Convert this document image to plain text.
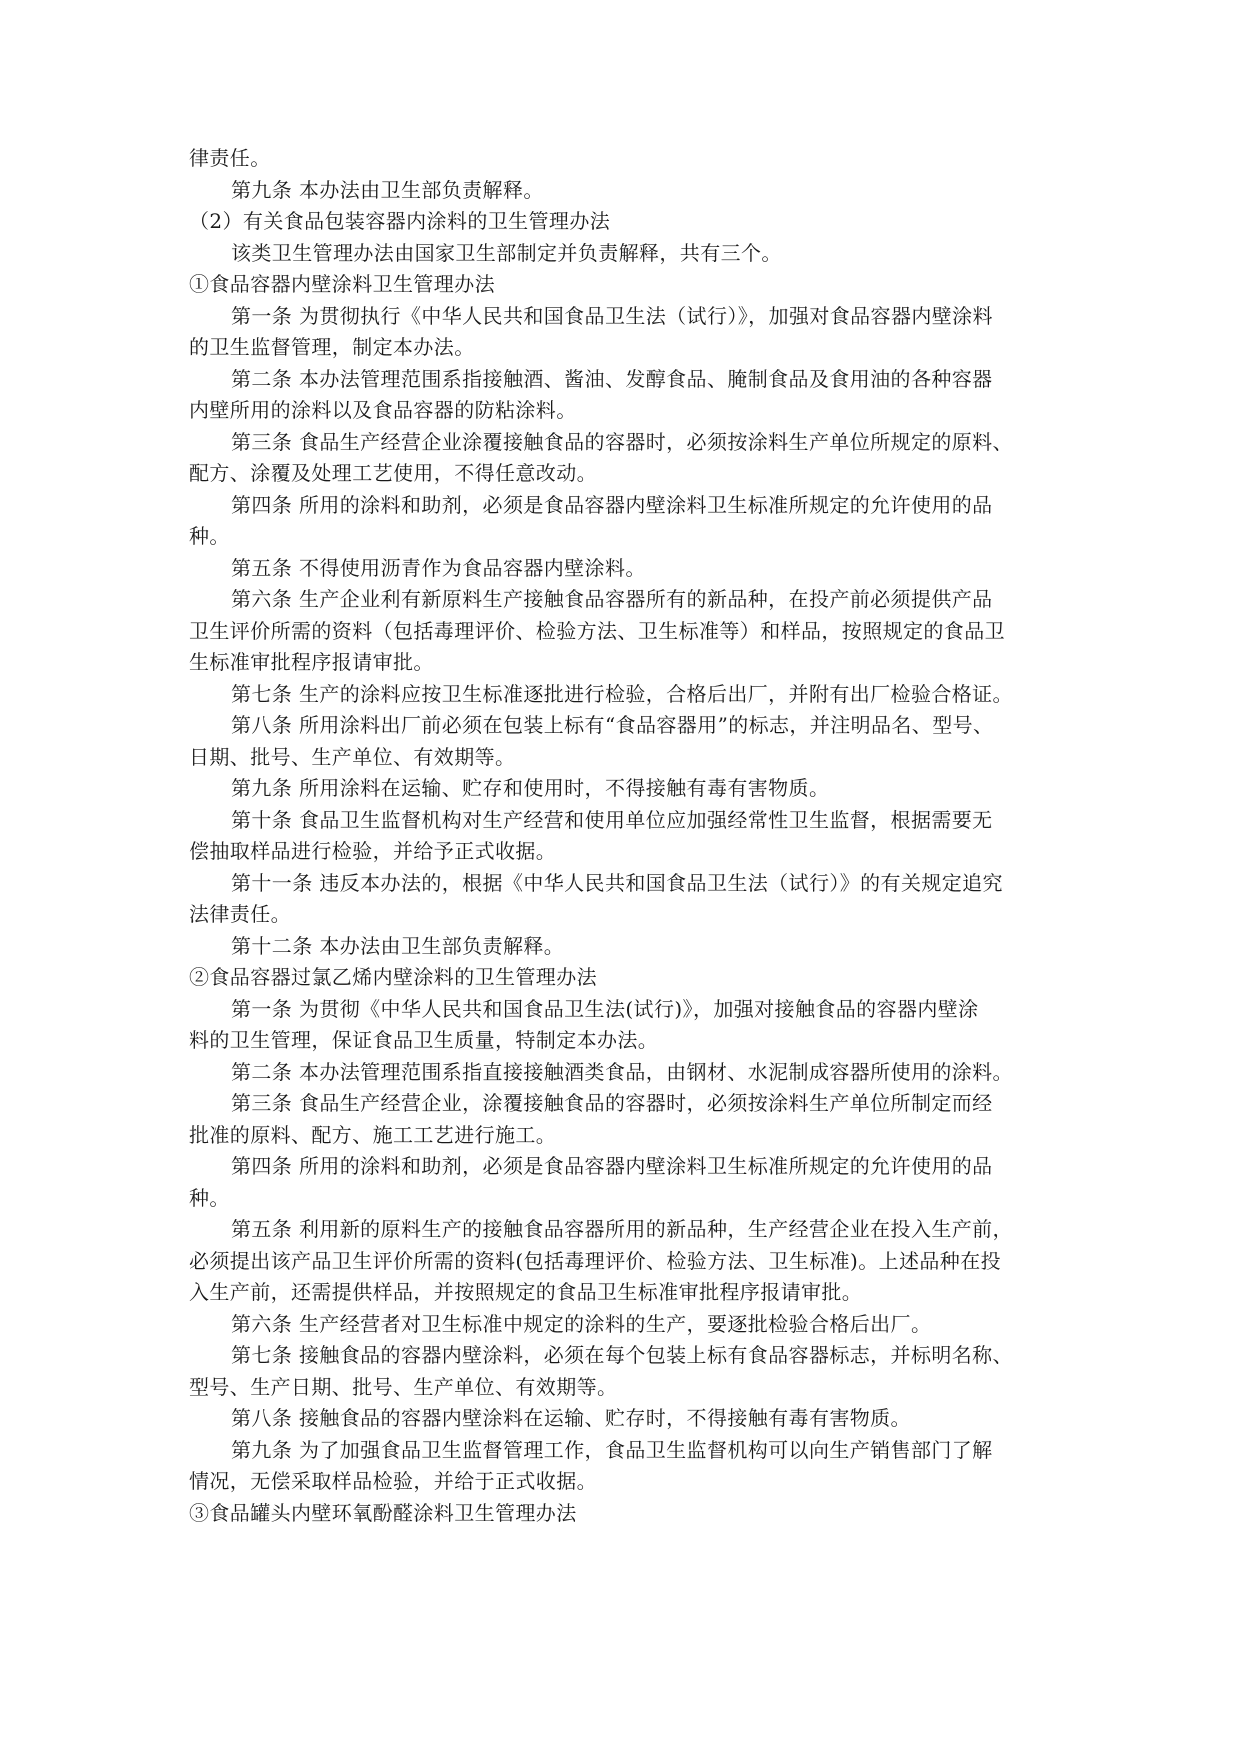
律责任。
第九条 本办法由卫生部负责解释。
（2）有关食品包装容器内涂料的卫生管理办法
该类卫生管理办法由国家卫生部制定并负责解释，共有三个。
①食品容器内壁涂料卫生管理办法
第一条 为贯彻执行《中华人民共和国食品卫生法（试行）》，加强对食品容器内壁涂料
的卫生监督管理，制定本办法。
第二条 本办法管理范围系指接触酒、酱油、发醇食品、腌制食品及食用油的各种容器
内壁所用的涂料以及食品容器的防粘涂料。
第三条 食品生产经营企业涂覆接触食品的容器时，必须按涂料生产单位所规定的原料、
配方、涂覆及处理工艺使用，不得任意改动。
第四条 所用的涂料和助剂，必须是食品容器内壁涂料卫生标准所规定的允许使用的品
种。
第五条 不得使用沥青作为食品容器内壁涂料。
第六条 生产企业利有新原料生产接触食品容器所有的新品种，在投产前必须提供产品
卫生评价所需的资料（包括毒理评价、检验方法、卫生标准等）和样品，按照规定的食品卫
生标准审批程序报请审批。
第七条 生产的涂料应按卫生标准逐批进行检验，合格后出厂，并附有出厂检验合格证。
第八条 所用涂料出厂前必须在包装上标有“食品容器用”的标志，并注明品名、型号、
日期、批号、生产单位、有效期等。
第九条 所用涂料在运输、贮存和使用时，不得接触有毒有害物质。
第十条 食品卫生监督机构对生产经营和使用单位应加强经常性卫生监督，根据需要无
偿抽取样品进行检验，并给予正式收据。
第十一条 违反本办法的，根据《中华人民共和国食品卫生法（试行）》的有关规定追究
法律责任。
第十二条 本办法由卫生部负责解释。
②食品容器过氯乙烯内壁涂料的卫生管理办法
第一条 为贯彻《中华人民共和国食品卫生法(试行)》，加强对接触食品的容器内壁涂
料的卫生管理，保证食品卫生质量，特制定本办法。
第二条 本办法管理范围系指直接接触酒类食品，由钢材、水泥制成容器所使用的涂料。
第三条 食品生产经营企业，涂覆接触食品的容器时，必须按涂料生产单位所制定而经
批准的原料、配方、施工工艺进行施工。
第四条 所用的涂料和助剂，必须是食品容器内壁涂料卫生标准所规定的允许使用的品
种。
第五条 利用新的原料生产的接触食品容器所用的新品种，生产经营企业在投入生产前，
必须提出该产品卫生评价所需的资料(包括毒理评价、检验方法、卫生标准)。上述品种在投
入生产前，还需提供样品，并按照规定的食品卫生标准审批程序报请审批。
第六条 生产经营者对卫生标准中规定的涂料的生产，要逐批检验合格后出厂。
第七条 接触食品的容器内壁涂料，必须在每个包装上标有食品容器标志，并标明名称、
型号、生产日期、批号、生产单位、有效期等。
第八条 接触食品的容器内壁涂料在运输、贮存时，不得接触有毒有害物质。
第九条 为了加强食品卫生监督管理工作，食品卫生监督机构可以向生产销售部门了解
情况，无偿采取样品检验，并给于正式收据。
③食品罐头内壁环氧酚醛涂料卫生管理办法
